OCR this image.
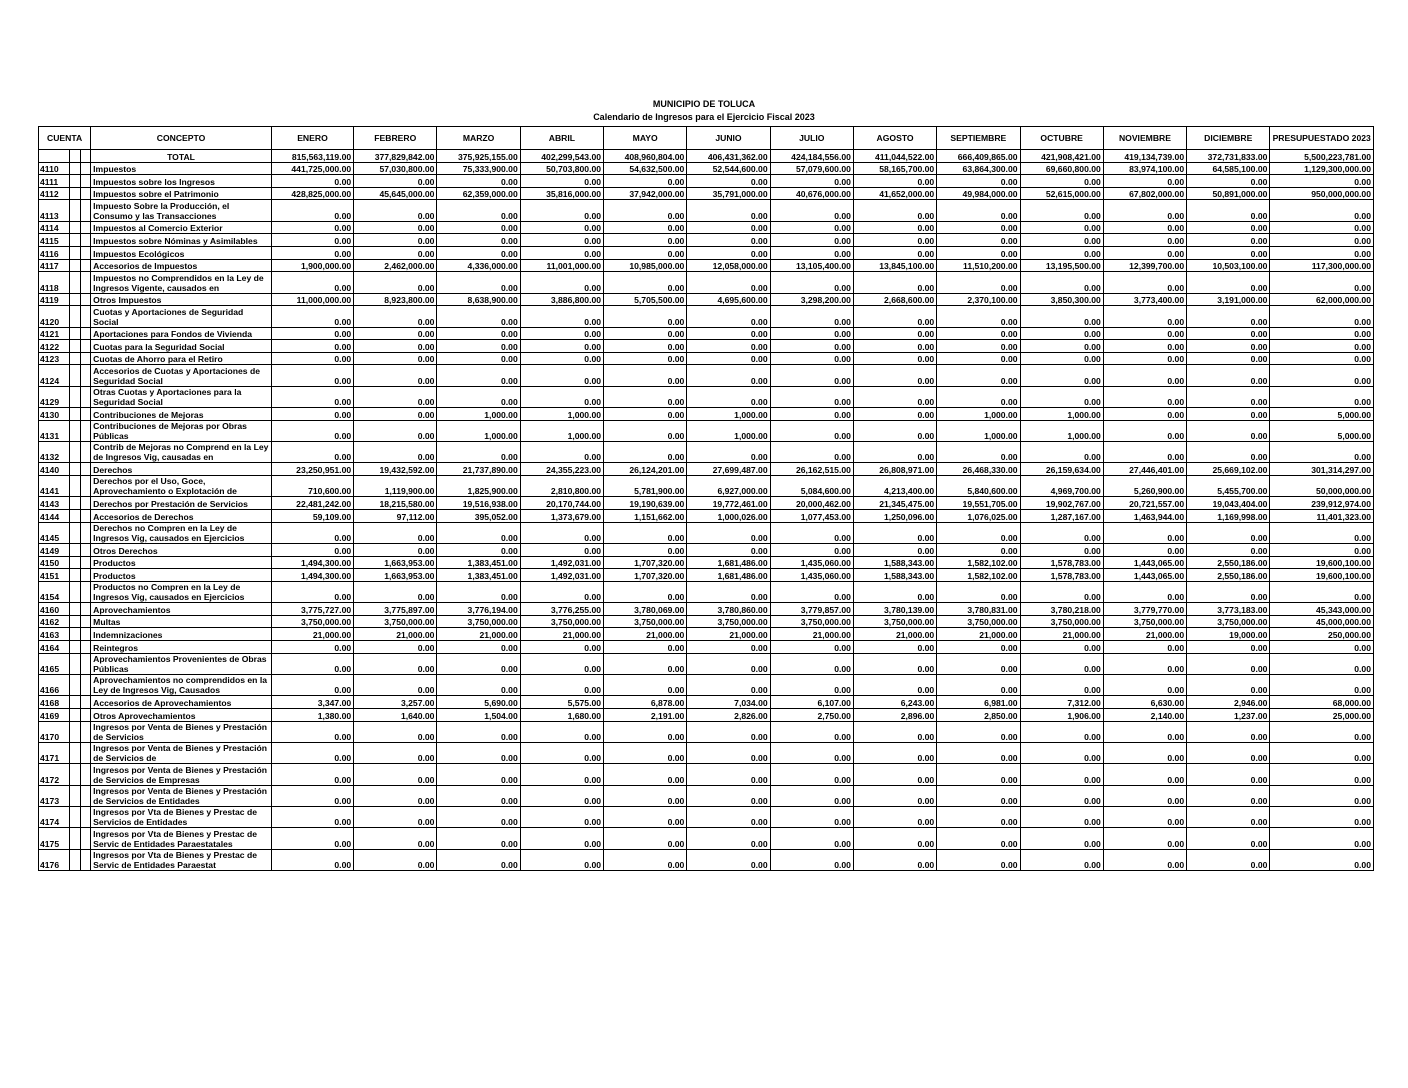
MUNICIPIO DE TOLUCA
Calendario de Ingresos para el Ejercicio Fiscal 2023
CUENTA			CONCEPTO	ENERO	FEBRERO	MARZO	ABRIL	MAYO	JUNIO	JULIO	AGOSTO	SEPTIEMBRE	OCTUBRE	NOVIEMBRE	DICIEMBRE	PRESUPUESTADO 2023
			TOTAL	815,563,119.00	377,829,842.00	375,925,155.00	402,299,543.00	408,960,804.00	406,431,362.00	424,184,556.00	411,044,522.00	666,409,865.00	421,908,421.00	419,134,739.00	372,731,833.00	5,500,223,781.00
4110			Impuestos	441,725,000.00	57,030,800.00	75,333,900.00	50,703,800.00	54,632,500.00	52,544,600.00	57,079,600.00	58,165,700.00	63,864,300.00	69,660,800.00	83,974,100.00	64,585,100.00	1,129,300,000.00
4111			Impuestos sobre los Ingresos	0.00	0.00	0.00	0.00	0.00	0.00	0.00	0.00	0.00	0.00	0.00	0.00	0.00
4112			Impuestos sobre el Patrimonio	428,825,000.00	45,645,000.00	62,359,000.00	35,816,000.00	37,942,000.00	35,791,000.00	40,676,000.00	41,652,000.00	49,984,000.00	52,615,000.00	67,802,000.00	50,891,000.00	950,000,000.00
4113			Impuesto Sobre la Producción, el Consumo y las Transacciones	0.00	0.00	0.00	0.00	0.00	0.00	0.00	0.00	0.00	0.00	0.00	0.00	0.00
4114			Impuestos al Comercio Exterior	0.00	0.00	0.00	0.00	0.00	0.00	0.00	0.00	0.00	0.00	0.00	0.00	0.00
4115			Impuestos sobre Nóminas y Asimilables	0.00	0.00	0.00	0.00	0.00	0.00	0.00	0.00	0.00	0.00	0.00	0.00	0.00
4116			Impuestos Ecológicos	0.00	0.00	0.00	0.00	0.00	0.00	0.00	0.00	0.00	0.00	0.00	0.00	0.00
4117			Accesorios de Impuestos	1,900,000.00	2,462,000.00	4,336,000.00	11,001,000.00	10,985,000.00	12,058,000.00	13,105,400.00	13,845,100.00	11,510,200.00	13,195,500.00	12,399,700.00	10,503,100.00	117,300,000.00
4118			Impuestos no Comprendidos en la Ley de Ingresos Vigente, causados en	0.00	0.00	0.00	0.00	0.00	0.00	0.00	0.00	0.00	0.00	0.00	0.00	0.00
4119			Otros Impuestos	11,000,000.00	8,923,800.00	8,638,900.00	3,886,800.00	5,705,500.00	4,695,600.00	3,298,200.00	2,668,600.00	2,370,100.00	3,850,300.00	3,773,400.00	3,191,000.00	62,000,000.00
4120			Cuotas y Aportaciones de Seguridad Social	0.00	0.00	0.00	0.00	0.00	0.00	0.00	0.00	0.00	0.00	0.00	0.00	0.00
4121			Aportaciones para Fondos de Vivienda	0.00	0.00	0.00	0.00	0.00	0.00	0.00	0.00	0.00	0.00	0.00	0.00	0.00
4122			Cuotas para la Seguridad Social	0.00	0.00	0.00	0.00	0.00	0.00	0.00	0.00	0.00	0.00	0.00	0.00	0.00
4123			Cuotas de Ahorro para el Retiro	0.00	0.00	0.00	0.00	0.00	0.00	0.00	0.00	0.00	0.00	0.00	0.00	0.00
4124			Accesorios de Cuotas y Aportaciones de Seguridad Social	0.00	0.00	0.00	0.00	0.00	0.00	0.00	0.00	0.00	0.00	0.00	0.00	0.00
4129			Otras Cuotas y Aportaciones para la Seguridad Social	0.00	0.00	0.00	0.00	0.00	0.00	0.00	0.00	0.00	0.00	0.00	0.00	0.00
4130			Contribuciones de Mejoras	0.00	0.00	1,000.00	1,000.00	0.00	1,000.00	0.00	0.00	1,000.00	1,000.00	0.00	0.00	5,000.00
4131			Contribuciones de Mejoras por Obras Públicas	0.00	0.00	1,000.00	1,000.00	0.00	1,000.00	0.00	0.00	1,000.00	1,000.00	0.00	0.00	5,000.00
4132			Contrib de Mejoras no Comprend en la Ley de Ingresos Vig, causadas en	0.00	0.00	0.00	0.00	0.00	0.00	0.00	0.00	0.00	0.00	0.00	0.00	0.00
4140			Derechos	23,250,951.00	19,432,592.00	21,737,890.00	24,355,223.00	26,124,201.00	27,699,487.00	26,162,515.00	26,808,971.00	26,468,330.00	26,159,634.00	27,446,401.00	25,669,102.00	301,314,297.00
4141			Derechos por el Uso, Goce, Aprovechamiento o Explotación de	710,600.00	1,119,900.00	1,825,900.00	2,810,800.00	5,781,900.00	6,927,000.00	5,084,600.00	4,213,400.00	5,840,600.00	4,969,700.00	5,260,900.00	5,455,700.00	50,000,000.00
4143			Derechos por Prestación de Servicios	22,481,242.00	18,215,580.00	19,516,938.00	20,170,744.00	19,190,639.00	19,772,461.00	20,000,462.00	21,345,475.00	19,551,705.00	19,902,767.00	20,721,557.00	19,043,404.00	239,912,974.00
4144			Accesorios de Derechos	59,109.00	97,112.00	395,052.00	1,373,679.00	1,151,662.00	1,000,026.00	1,077,453.00	1,250,096.00	1,076,025.00	1,287,167.00	1,463,944.00	1,169,998.00	11,401,323.00
4145			Derechos no Compren en la Ley de Ingresos Vig, causados en Ejercicios	0.00	0.00	0.00	0.00	0.00	0.00	0.00	0.00	0.00	0.00	0.00	0.00	0.00
4149			Otros Derechos	0.00	0.00	0.00	0.00	0.00	0.00	0.00	0.00	0.00	0.00	0.00	0.00	0.00
4150			Productos	1,494,300.00	1,663,953.00	1,383,451.00	1,492,031.00	1,707,320.00	1,681,486.00	1,435,060.00	1,588,343.00	1,582,102.00	1,578,783.00	1,443,065.00	2,550,186.00	19,600,100.00
4151			Productos	1,494,300.00	1,663,953.00	1,383,451.00	1,492,031.00	1,707,320.00	1,681,486.00	1,435,060.00	1,588,343.00	1,582,102.00	1,578,783.00	1,443,065.00	2,550,186.00	19,600,100.00
4154			Productos no Compren en la Ley de Ingresos Vig, causados en Ejercicios	0.00	0.00	0.00	0.00	0.00	0.00	0.00	0.00	0.00	0.00	0.00	0.00	0.00
4160			Aprovechamientos	3,775,727.00	3,775,897.00	3,776,194.00	3,776,255.00	3,780,069.00	3,780,860.00	3,779,857.00	3,780,139.00	3,780,831.00	3,780,218.00	3,779,770.00	3,773,183.00	45,343,000.00
4162			Multas	3,750,000.00	3,750,000.00	3,750,000.00	3,750,000.00	3,750,000.00	3,750,000.00	3,750,000.00	3,750,000.00	3,750,000.00	3,750,000.00	3,750,000.00	3,750,000.00	45,000,000.00
4163			Indemnizaciones	21,000.00	21,000.00	21,000.00	21,000.00	21,000.00	21,000.00	21,000.00	21,000.00	21,000.00	21,000.00	21,000.00	19,000.00	250,000.00
4164			Reintegros	0.00	0.00	0.00	0.00	0.00	0.00	0.00	0.00	0.00	0.00	0.00	0.00	0.00
4165			Aprovechamientos Provenientes de Obras Públicas	0.00	0.00	0.00	0.00	0.00	0.00	0.00	0.00	0.00	0.00	0.00	0.00	0.00
4166			Aprovechamientos no comprendidos en la Ley de Ingresos Vig, Causados	0.00	0.00	0.00	0.00	0.00	0.00	0.00	0.00	0.00	0.00	0.00	0.00	0.00
4168			Accesorios de Aprovechamientos	3,347.00	3,257.00	5,690.00	5,575.00	6,878.00	7,034.00	6,107.00	6,243.00	6,981.00	7,312.00	6,630.00	2,946.00	68,000.00
4169			Otros Aprovechamientos	1,380.00	1,640.00	1,504.00	1,680.00	2,191.00	2,826.00	2,750.00	2,896.00	2,850.00	1,906.00	2,140.00	1,237.00	25,000.00
4170			Ingresos por Venta de Bienes y Prestación de Servicios	0.00	0.00	0.00	0.00	0.00	0.00	0.00	0.00	0.00	0.00	0.00	0.00	0.00
4171			Ingresos por Venta de Bienes y Prestación de Servicios de	0.00	0.00	0.00	0.00	0.00	0.00	0.00	0.00	0.00	0.00	0.00	0.00	0.00
4172			Ingresos por Venta de Bienes y Prestación de Servicios de Empresas	0.00	0.00	0.00	0.00	0.00	0.00	0.00	0.00	0.00	0.00	0.00	0.00	0.00
4173			Ingresos por Venta de Bienes y Prestación de Servicios de Entidades	0.00	0.00	0.00	0.00	0.00	0.00	0.00	0.00	0.00	0.00	0.00	0.00	0.00
4174			Ingresos por Vta de Bienes y Prestac de Servicios de Entidades	0.00	0.00	0.00	0.00	0.00	0.00	0.00	0.00	0.00	0.00	0.00	0.00	0.00
4175			Ingresos por Vta de Bienes y Prestac de Servic de Entidades Paraestatales	0.00	0.00	0.00	0.00	0.00	0.00	0.00	0.00	0.00	0.00	0.00	0.00	0.00
4176			Ingresos por Vta de Bienes y Prestac de Servic de Entidades Paraestat	0.00	0.00	0.00	0.00	0.00	0.00	0.00	0.00	0.00	0.00	0.00	0.00	0.00
